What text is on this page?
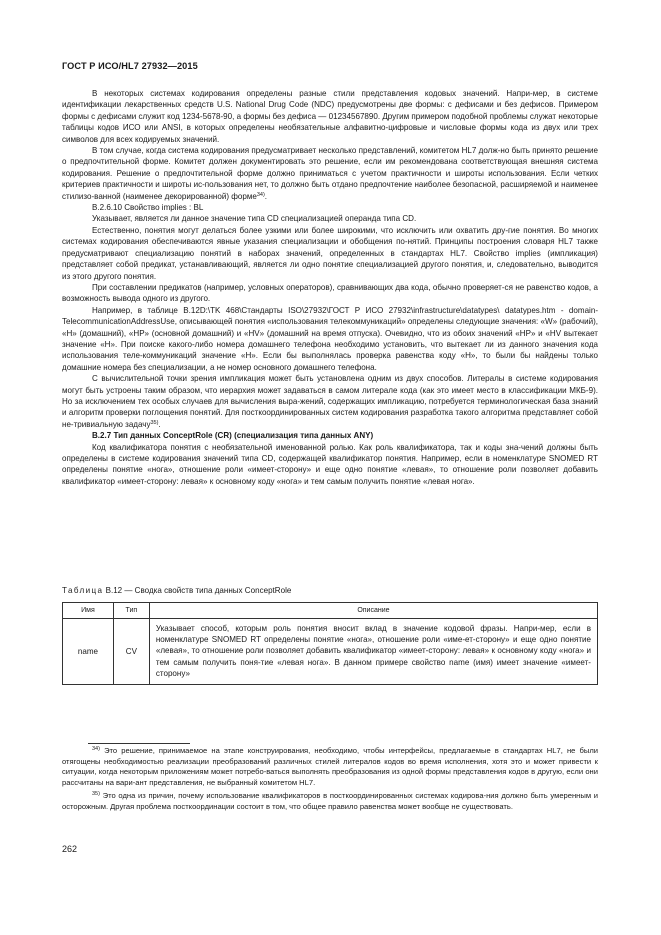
ГОСТ Р ИСО/HL7 27932—2015

В некоторых системах кодирования определены разные стили представления кодовых значений. Напри-мер, в системе идентификации лекарственных средств U.S. National Drug Code (NDC) предусмотрены две формы: с дефисами и без дефисов. Примером формы с дефисами служит код 1234-5678-90, а формы без дефиса — 01234567890. Другим примером подобной проблемы служат некоторые таблицы кодов ИСО или ANSI, в которых определены необязательные алфавитно-цифровые и числовые формы кода из двух или трех символов для всех кодируемых значений.

В том случае, когда система кодирования предусматривает несколько представлений, комитетом HL7 долж-но быть принято решение о предпочтительной форме. Комитет должен документировать это решение, если им рекомендована соответствующая внешняя система кодирования. Решение о предпочтительной форме должно приниматься с учетом практичности и широты использования. Если четких критериев практичности и широты ис-пользования нет, то должно быть отдано предпочтение наиболее безопасной, расширяемой и наименее стилизо-ванной (наименее декорированной) форме$^{34)}$.

В.2.6.10 Свойство implies : BL

Указывает, является ли данное значение типа CD специализацией операнда типа CD.

Естественно, понятия могут делаться более узкими или более широкими, что исключить или охватить дру-гие понятия. Во многих системах кодирования обеспечиваются явные указания специализации и обобщения по-нятий. Принципы построения словаря HL7 также предусматривают специализацию понятий в наборах значений, определенных в стандартах HL7. Свойство implies (импликация) представляет собой предикат, устанавливающий, является ли одно понятие специализацией другого понятия, и, следовательно, выводится из этого другого понятия.

При составлении предикатов (например, условных операторов), сравнивающих два кода, обычно проверяет-ся не равенство кодов, а возможность вывода одного из другого.

Например, в таблице В.12D:\TK 468\Стандарты ISO\27932\ГОСТ Р ИСО 27932\infrastructure\datatypes\ datatypes.htm - domain-TelecommunicationAddressUse, описывающей понятия «использования телекоммуникаций» определены следующие значения: «W» (рабочий), «H» (домашний), «HP» (основной домашний) и «HV» (домашний на время отпуска). Очевидно, что из обоих значений «HP» и «HV вытекает значение «H». При поиске какого-либо номера домашнего телефона необходимо установить, что вытекает ли из данного значения кода использования теле-коммуникаций значение «H». Если бы выполнялась проверка равенства коду «H», то были бы найдены только домашние номера без специализации, а не номер основного домашнего телефона.

С вычислительной точки зрения импликация может быть установлена одним из двух способов. Литералы в системе кодирования могут быть устроены таким образом, что иерархия может задаваться в самом литерале кода (как это имеет место в классификации МКБ-9). Но за исключением тех особых случаев для вычисления выра-жений, содержащих импликацию, потребуется терминологическая база знаний и алгоритм проверки поглощения понятий. Для посткоординированных систем кодирования разработка такого алгоритма представляет собой не-тривиальную задачу$^{35)}$.

В.2.7 Тип данных ConceptRole (CR) (специализация типа данных ANY)

Код квалификатора понятия с необязательной именованной ролью. Как роль квалификатора, так и коды зна-чений должны быть определены в системе кодирования значений типа CD, содержащей квалификатор понятия. Например, если в номенклатуре SNOMED RT определены понятие «нога», отношение роли «имеет-сторону» и еще одно понятие «левая», то отношение роли позволяет добавить квалификатор «имеет-сторону: левая» к основному коду «нога» и тем самым получить понятие «левая нога».

Таблица В.12 — Сводка свойств типа данных ConceptRole
Имя	Тип	Описание
name	CV	Указывает способ, которым роль понятия вносит вклад в значение кодовой фразы. Напри-мер, если в номенклатуре SNOMED RT определены понятие «нога», отношение роли «име-ет-сторону» и еще одно понятие «левая», то отношение роли позволяет добавить квалификатор «имеет-сторону: левая» к основному коду «нога» и тем самым получить поня-тие «левая нога». В данном примере свойство name (имя) имеет значение «имеет-сторону»

$^{34)}$ Это решение, принимаемое на этапе конструирования, необходимо, чтобы интерфейсы, предлагаемые в стандартах HL7, не были отягощены необходимостью реализации преобразований различных стилей литералов кодов во время исполнения, хотя это и может привести к ситуации, когда некоторым приложениям может потребо-ваться выполнять преобразования из одной формы представления кодов в другую, если они рассчитаны на вари-ант представления, не выбранный комитетом HL7.

$^{35)}$ Это одна из причин, почему использование квалификаторов в посткоординированных системах кодирова-ния должно быть умеренным и осторожным. Другая проблема посткоординации состоит в том, что общее правило равенства может вообще не существовать.

262
